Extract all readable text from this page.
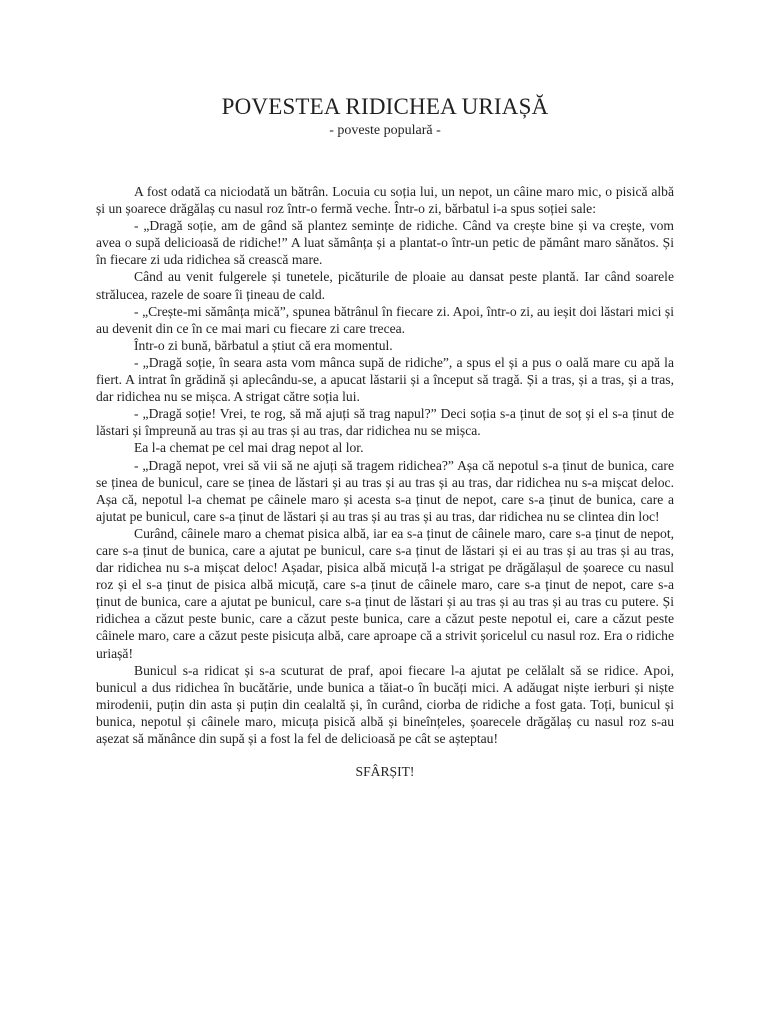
POVESTEA RIDICHEA URIAȘĂ
- poveste populară -

A fost odată ca niciodată un bătrân. Locuia cu soția lui, un nepot, un câine maro mic, o pisică albă și un șoarece drăgălaș cu nasul roz într-o fermă veche. Într-o zi, bărbatul i-a spus soției sale:

- „Dragă soție, am de gând să plantez semințe de ridiche. Când va crește bine și va crește, vom avea o supă delicioasă de ridiche!” A luat sămânța și a plantat-o într-un petic de pământ maro sănătos. Și în fiecare zi uda ridichea să crească mare.

Când au venit fulgerele și tunetele, picăturile de ploaie au dansat peste plantă. Iar când soarele strălucea, razele de soare îi țineau de cald.

- „Crește-mi sămânța mică”, spunea bătrânul în fiecare zi. Apoi, într-o zi, au ieșit doi lăstari mici și au devenit din ce în ce mai mari cu fiecare zi care trecea.

Într-o zi bună, bărbatul a știut că era momentul.

- „Dragă soție, în seara asta vom mânca supă de ridiche”, a spus el și a pus o oală mare cu apă la fiert. A intrat în grădină și aplecându-se, a apucat lăstarii și a început să tragă. Și a tras, și a tras, și a tras, dar ridichea nu se mișca. A strigat către soția lui.

- „Dragă soție! Vrei, te rog, să mă ajuți să trag napul?” Deci soția s-a ținut de soț și el s-a ținut de lăstari și împreună au tras și au tras și au tras, dar ridichea nu se mișca.

Ea l-a chemat pe cel mai drag nepot al lor.

- „Dragă nepot, vrei să vii să ne ajuți să tragem ridichea?” Așa că nepotul s-a ținut de bunica, care se ținea de bunicul, care se ținea de lăstari și au tras și au tras și au tras, dar ridichea nu s-a mișcat deloc. Așa că, nepotul l-a chemat pe câinele maro și acesta s-a ținut de nepot, care s-a ținut de bunica, care a ajutat pe bunicul, care s-a ținut de lăstari și au tras și au tras și au tras, dar ridichea nu se clintea din loc!

Curând, câinele maro a chemat pisica albă, iar ea s-a ținut de câinele maro, care s-a ținut de nepot, care s-a ținut de bunica, care a ajutat pe bunicul, care s-a ținut de lăstari și ei au tras și au tras și au tras, dar ridichea nu s-a mișcat deloc! Așadar, pisica albă micuță l-a strigat pe drăgălașul de șoarece cu nasul roz și el s-a ținut de pisica albă micuță, care s-a ținut de câinele maro, care s-a ținut de nepot, care s-a ținut de bunica, care a ajutat pe bunicul, care s-a ținut de lăstari și au tras și au tras și au tras cu putere. Și ridichea a căzut peste bunic, care a căzut peste bunica, care a căzut peste nepotul ei, care a căzut peste câinele maro, care a căzut peste pisicuța albă, care aproape că a strivit șoricelul cu nasul roz. Era o ridiche uriașă!

Bunicul s-a ridicat și s-a scuturat de praf, apoi fiecare l-a ajutat pe celălalt să se ridice. Apoi, bunicul a dus ridichea în bucătărie, unde bunica a tăiat-o în bucăți mici. A adăugat niște ierburi și niște mirodenii, puțin din asta și puțin din cealaltă și, în curând, ciorba de ridiche a fost gata. Toți, bunicul și bunica, nepotul și câinele maro, micuța pisică albă și bineînțeles, șoarecele drăgălaș cu nasul roz s-au așezat să mănânce din supă și a fost la fel de delicioasă pe cât se așteptau!

SFÂRȘIT!
